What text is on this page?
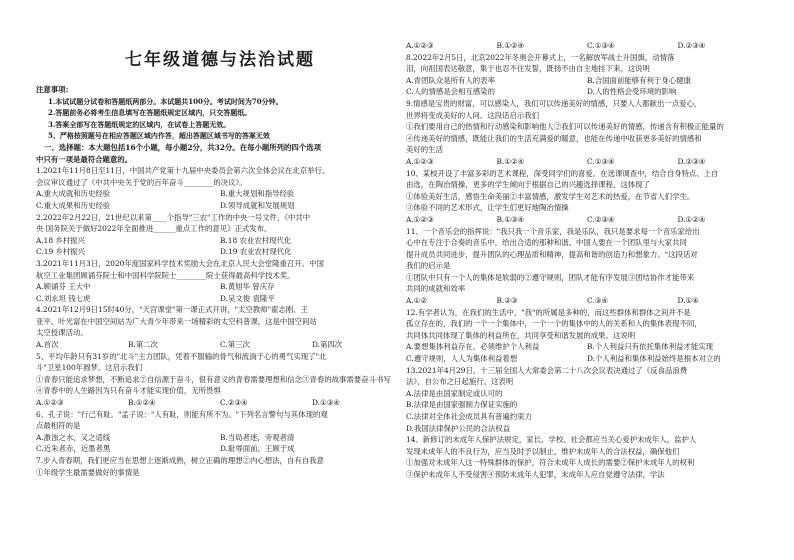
七年级道德与法治试题

注意事项:

1.本试试题分试卷和答题纸两部分。本试题共100分。考试时间为70分钟。

2.答题前务必将考生信息填写在答题纸规定区域内，只交答题纸。

3.答案全部写在答题纸规定的区域内，在试卷上答题无效。

5、严格按照题号在相应答题区域内作答，超出答题区域书写的答案无效

一、选择题：本大题包括16个小题，每小题2分，共32分。在每小题所列的四个选项

中只有一项是最符合题意的。

1.2021年11月8日至11日，中国共产党第十九届中央委员会第六次全体会议在北京举行。

会议审议通过了《中共中央关于党的百年奋斗________的决议》。

A.重大成就和历史经验	B.重大规划和指导经验
C.重大成果和历史经验	D.领导成就和发展规划

2.2022年2月22日，21世纪以来第____个指导"三农"工作的中央一号文件，《中共中

央 国务院关于做好2022年全面推进______重点工作的意见》正式发布。

A.18 乡村振兴	B.18 农业农村现代化
C.19 乡村振兴	D.19 农业农村现代化

3.2021年11月3日，2020年度国家科学技术奖励大会在北京人民大会堂隆重召开。中国

航空工业集团顾诵芬院士和中国科学院院士________院士获得最高科学技术奖。

A.顾诵芬 王大中	B.黄旭华 曾庆存
C.刘永坦 钱七虎	D.吴文俊 袁隆平

4.2021年12月9日15时40分，"天宫课堂"第一课正式开讲，"太空教师"翟志刚、王

亚平、叶光富在中国空间站为广大青少年带来一场精彩的太空科普课，这是中国空间站

太空授课活动。

A.首次	B.第二次	C.第三次	D.第四次

5、平均年龄只有31岁的"北斗"主力团队，凭着不服输的骨气和流淌于心的勇气实现了"北

斗"卫星100年圆梦。这启示我们

①青春只能追求梦想，不断追求②自信源于奋斗，很有意义的青春需要理想和信念③青春的故事需要奋斗书写

④青春中的人生路因为只有奋斗才能实现价值，无所畏惧

A.①②③	B.①②④	C.②③④	D.①③④

6、孔子说："行己有耻。"孟子说："人有耻，则能有所不为。"下列名言警句与其体现的观

点最相符的是

A.激浊之水，又之适线	B.当局者迷，旁观者清
C.近朱者赤，近墨者黑	D.耻辱面前，王顾于成

7.步入青春期，我们更应当在思想上逐渐成熟，树立正确的理想②内心想法，自有自我意

①年级学生最需要做好的事情是

A.①②③	B.①②④	C.①③④	D.②③④

8.2022年2月5日，北京2022年冬奥会开幕式上，一名解放军战士升国旗，动情落

泪，向祖国表达敬意，集于也忍不住发誓，既扬不由自主地挂下来。这说明

A.青团队众是所有人的表率	B.合国面前能够有利于身心健康
C.人的情感是会相互感染的	D.人的性格会受环境的影响

9.情感是宝贵的财富，可以感染人，我们可以传递美好的情感，只要人人都献出一点爱心，

世界将变成美好的人间。这段话启示我们

①我们要用自己的热情和行动感染和影响他人②我们可以传递美好的情感，传递含有积极正能量的

④传递美好的情感，既能让我们的生活充满爱的暖意，也能在传递中收获更多美好的情感和

美好的生活

A.①②③	B.①②④	C.①③④	D.②③④

10、某校开设了丰富多彩的艺术课程，深受同学们的喜爱。在选课调查中，结合自身特点、上自

由选，在陶冶情操，更多的学生倾向于根据自己的兴趣选择课程，这体现了

①体验美好生活，感悟生命美丽②丰富情感，激发学生对艺术的热爱，在节省人们学生。

③体验不同的艺术形式，让学生们更好地陶冶情操

A.①②③	B.①③④	C.②③④	D.①②④

11、一个音乐会的指挥说："我只我一个音乐家，我是乐队，我只是要求每一个音乐家给出

心中在专注于合奏的音乐中，给出合适的那种和谐。中国人要在一个团队里与大家共同

提升成员共同进步，提升团队的心理品质和精神，提高和谐的创造力和想象力。"这段话对

我们的启示是

①团队中只有一个人的集体是软弱的②遵守规则，团队才能有序发展③团结协作才能带来

共同的成就和效率

A.①②	B.②③	C.③④	D.①④

12.有学者认为，在我们的生活中，"我"的所属是多种的，而这些群体和群体之间并不是

孤立存在的，我们的一个一个集体中，一个一个的集体中的人的关系和人的集体表现不同，

共同体共同体现了集体的利益所在，共同享受和谐发展的成果。这说明

A.要想集体利益存在，必须维护个人利益	B.个人利益只有依托集体利益才能实现
C.遵守规则，人人为集体利益着想	D.个人利益和集体利益始终是根本对立的

13.2021年4月29日，十三届全国人大常委会第二十八次会议表决通过了《反食品浪费

法》，自公布之日起施行。这表明

A.法律是由国家制定或认可的

B.法律是由国家强制力保证实施的

C.法律对全体社会成员具有普遍约束力

D.我国法律保护公民的合法权益

14、新修订的未成年人保护法规定，家长、学校、社会都应当关心爱护未成年人，监护人

发现未成年人的不良行为，应当及时予以制止，维护未成年人的合法权益，确保他们

①加强对未成年人这一特殊群体的保护，符合未成年人成长的需要②保护未成年人的权利

③保护未成年人不受侵害④预防未成年人犯罪，未成年人应自觉遵守法律，学法
